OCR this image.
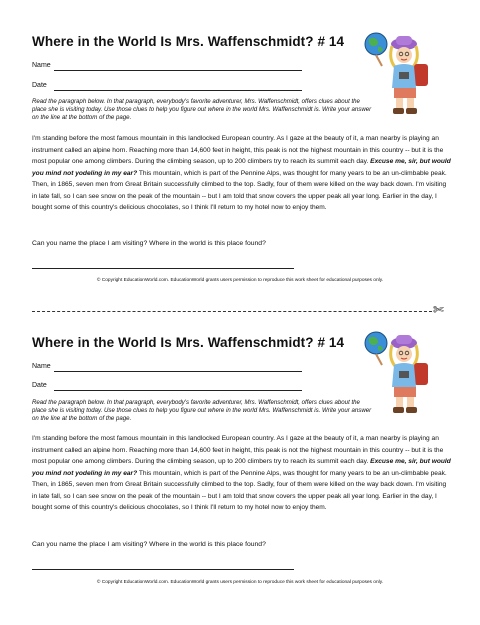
Where in the World Is Mrs. Waffenschmidt? # 14
Name
Date
Read the paragraph below. In that paragraph, everybody's favorite adventurer, Mrs. Waffenschmidt, offers clues about the place she is visiting today. Use those clues to help you figure out where in the world Mrs. Waffenschmidt is. Write your answer on the line at the bottom of the page.
I'm standing before the most famous mountain in this landlocked European country. As I gaze at the beauty of it, a man nearby is playing an instrument called an alpine horn. Reaching more than 14,600 feet in height, this peak is not the highest mountain in this country -- but it is the most popular one among climbers. During the climbing season, up to 200 climbers try to reach its summit each day. Excuse me, sir, but would you mind not yodeling in my ear? This mountain, which is part of the Pennine Alps, was thought for many years to be an un-climbable peak. Then, in 1865, seven men from Great Britain successfully climbed to the top. Sadly, four of them were killed on the way back down. I'm visiting in late fall, so I can see snow on the peak of the mountain -- but I am told that snow covers the upper peak all year long. Earlier in the day, I bought some of this country's delicious chocolates, so I think I'll return to my hotel now to enjoy them.
Can you name the place I am visiting? Where in the world is this place found?
© Copyright EducationWorld.com. EducationWorld grants users permission to reproduce this work sheet for educational purposes only.
✄
Where in the World Is Mrs. Waffenschmidt? # 14
Name
Date
Read the paragraph below. In that paragraph, everybody's favorite adventurer, Mrs. Waffenschmidt, offers clues about the place she is visiting today. Use those clues to help you figure out where in the world Mrs. Waffenschmidt is. Write your answer on the line at the bottom of the page.
I'm standing before the most famous mountain in this landlocked European country. As I gaze at the beauty of it, a man nearby is playing an instrument called an alpine horn. Reaching more than 14,600 feet in height, this peak is not the highest mountain in this country -- but it is the most popular one among climbers. During the climbing season, up to 200 climbers try to reach its summit each day. Excuse me, sir, but would you mind not yodeling in my ear? This mountain, which is part of the Pennine Alps, was thought for many years to be an un-climbable peak. Then, in 1865, seven men from Great Britain successfully climbed to the top. Sadly, four of them were killed on the way back down. I'm visiting in late fall, so I can see snow on the peak of the mountain -- but I am told that snow covers the upper peak all year long. Earlier in the day, I bought some of this country's delicious chocolates, so I think I'll return to my hotel now to enjoy them.
Can you name the place I am visiting? Where in the world is this place found?
© Copyright EducationWorld.com. EducationWorld grants users permission to reproduce this work sheet for educational purposes only.
